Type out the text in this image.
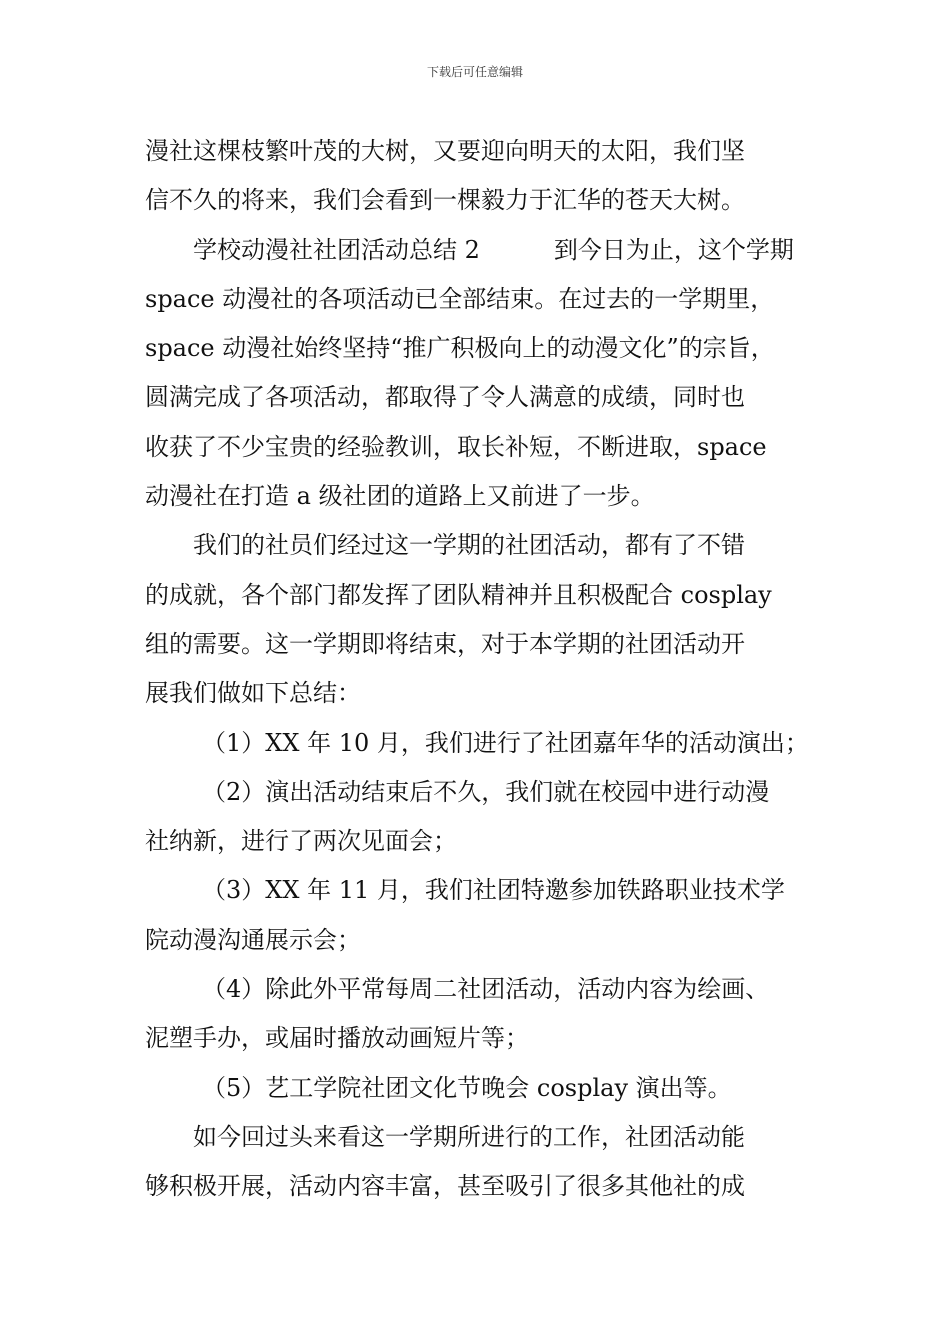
下载后可任意编辑
漫社这棵枝繁叶茂的大树，又要迎向明天的太阳，我们坚
信不久的将来，我们会看到一棵毅力于汇华的苍天大树。
学校动漫社社团活动总结 2	到今日为止，这个学期
space 动漫社的各项活动已全部结束。在过去的一学期里，
space 动漫社始终坚持“推广积极向上的动漫文化”的宗旨，
圆满完成了各项活动，都取得了令人满意的成绩，同时也
收获了不少宝贵的经验教训，取长补短，不断进取，space
动漫社在打造 a 级社团的道路上又前进了一步。
我们的社员们经过这一学期的社团活动，都有了不错
的成就，各个部门都发挥了团队精神并且积极配合 cosplay
组的需要。这一学期即将结束，对于本学期的社团活动开
展我们做如下总结：
（1）XX 年 10 月，我们进行了社团嘉年华的活动演出；
（2）演出活动结束后不久，我们就在校园中进行动漫
社纳新，进行了两次见面会；
（3）XX 年 11 月，我们社团特邀参加铁路职业技术学
院动漫沟通展示会；
（4）除此外平常每周二社团活动，活动内容为绘画、
泥塑手办，或届时播放动画短片等；
（5）艺工学院社团文化节晚会 cosplay 演出等。
如今回过头来看这一学期所进行的工作，社团活动能
够积极开展，活动内容丰富，甚至吸引了很多其他社的成
